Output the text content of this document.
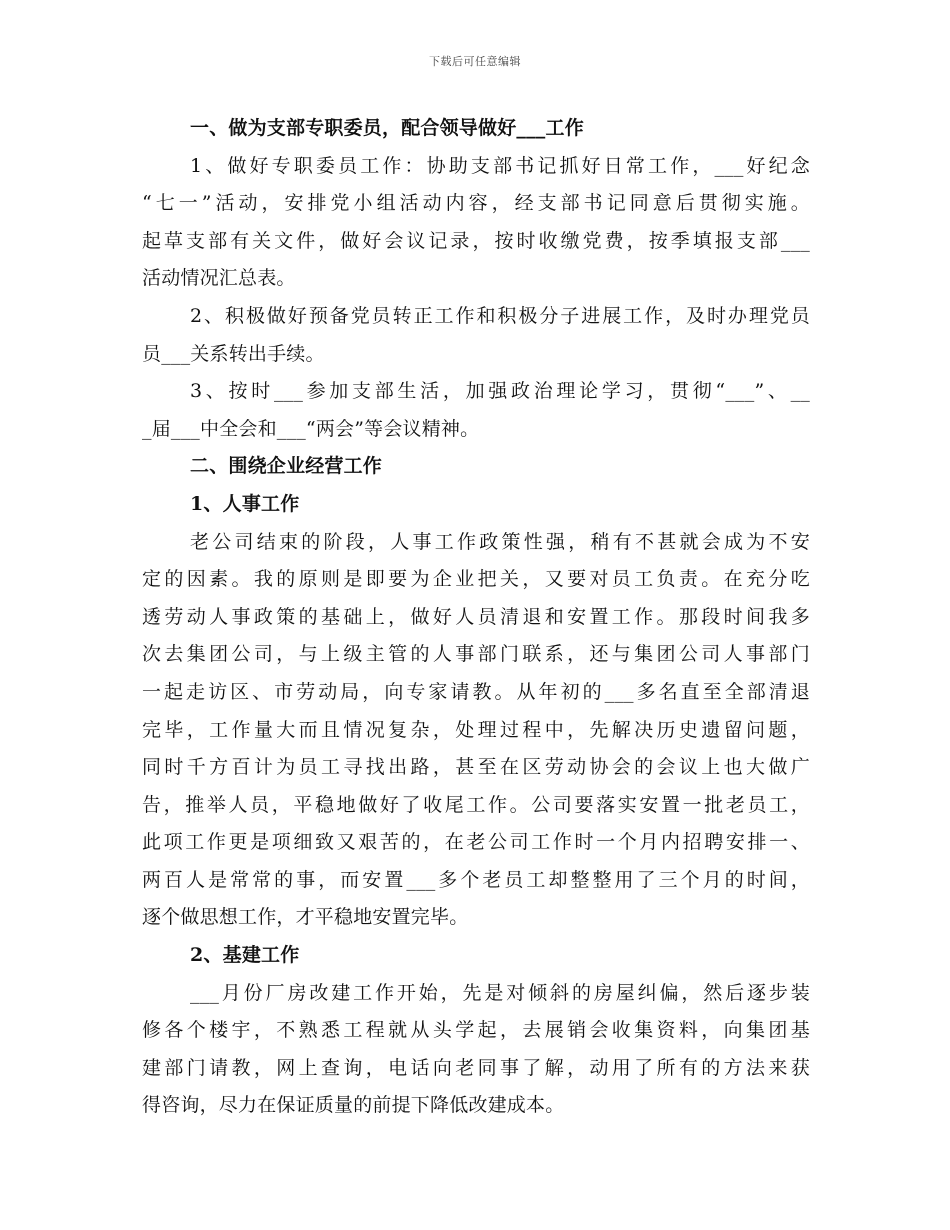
下载后可任意编辑
一、做为支部专职委员，配合领导做好___工作
1、做好专职委员工作：协助支部书记抓好日常工作，___好纪念
“七一”活动，安排党小组活动内容，经支部书记同意后贯彻实施。
起草支部有关文件，做好会议记录，按时收缴党费，按季填报支部___
活动情况汇总表。
2、积极做好预备党员转正工作和积极分子进展工作，及时办理党员
员___关系转出手续。
3、按时___参加支部生活，加强政治理论学习，贯彻“___”、__
_届___中全会和___“两会”等会议精神。
二、围绕企业经营工作
1、人事工作
老公司结束的阶段，人事工作政策性强，稍有不甚就会成为不安
定的因素。我的原则是即要为企业把关，又要对员工负责。在充分吃
透劳动人事政策的基础上，做好人员清退和安置工作。那段时间我多
次去集团公司，与上级主管的人事部门联系，还与集团公司人事部门
一起走访区、市劳动局，向专家请教。从年初的___多名直至全部清退
完毕，工作量大而且情况复杂，处理过程中，先解决历史遗留问题，
同时千方百计为员工寻找出路，甚至在区劳动协会的会议上也大做广
告，推举人员，平稳地做好了收尾工作。公司要落实安置一批老员工，
此项工作更是项细致又艰苦的，在老公司工作时一个月内招聘安排一、
两百人是常常的事，而安置___多个老员工却整整用了三个月的时间，
逐个做思想工作，才平稳地安置完毕。
2、基建工作
___月份厂房改建工作开始，先是对倾斜的房屋纠偏，然后逐步装
修各个楼宇，不熟悉工程就从头学起，去展销会收集资料，向集团基
建部门请教，网上查询，电话向老同事了解，动用了所有的方法来获
得咨询，尽力在保证质量的前提下降低改建成本。
